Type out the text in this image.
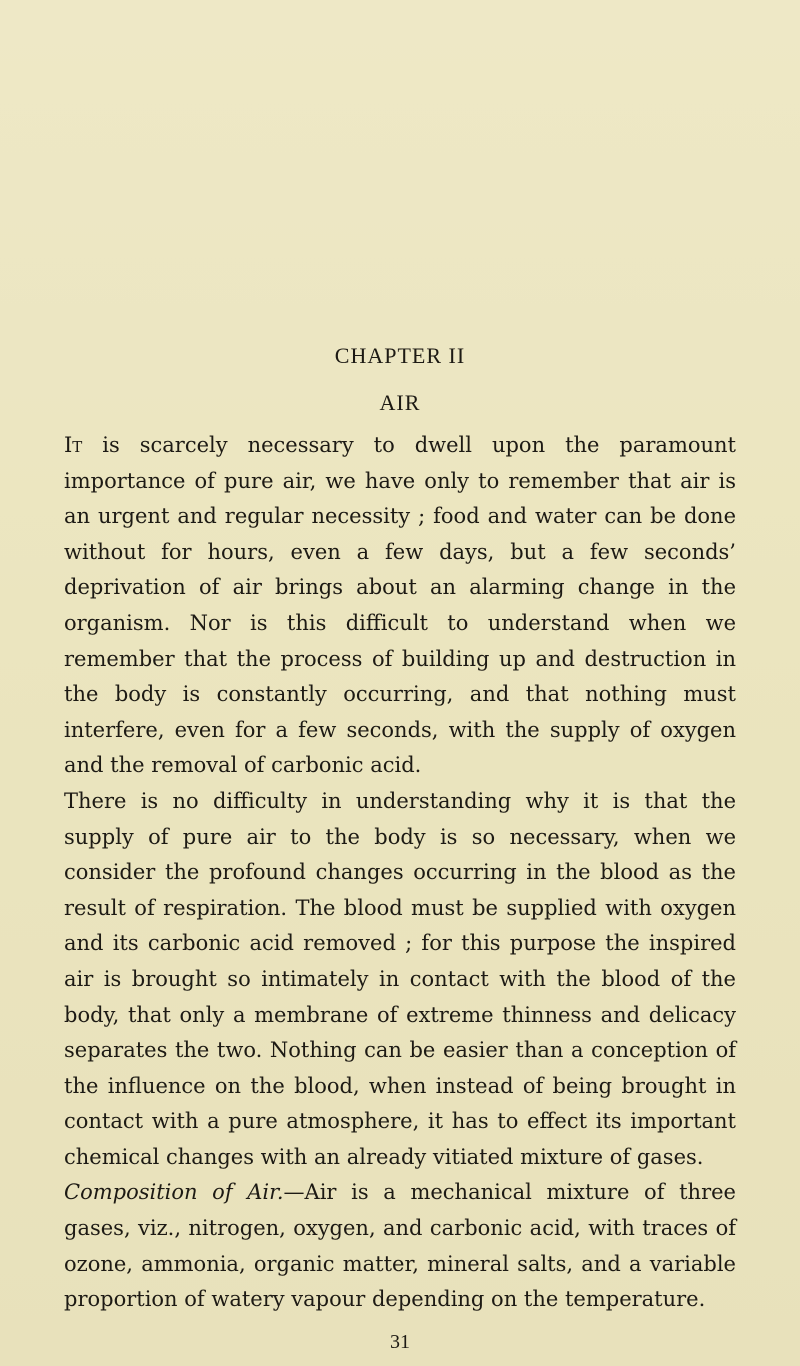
CHAPTER II
AIR

It is scarcely necessary to dwell upon the paramount importance of pure air, we have only to remember that air is an urgent and regular necessity ; food and water can be done without for hours, even a few days, but a few seconds’ deprivation of air brings about an alarming change in the organism. Nor is this difficult to understand when we remember that the process of building up and destruction in the body is constantly occurring, and that nothing must interfere, even for a few seconds, with the supply of oxygen and the removal of carbonic acid.

There is no difficulty in understanding why it is that the supply of pure air to the body is so necessary, when we consider the profound changes occurring in the blood as the result of respiration. The blood must be supplied with oxygen and its carbonic acid removed ; for this purpose the inspired air is brought so intimately in contact with the blood of the body, that only a membrane of extreme thinness and delicacy separates the two. Nothing can be easier than a conception of the influence on the blood, when instead of being brought in contact with a pure atmosphere, it has to effect its important chemical changes with an already vitiated mixture of gases.

Composition of Air.—Air is a mechanical mixture of three gases, viz., nitrogen, oxygen, and carbonic acid, with traces of ozone, ammonia, organic matter, mineral salts, and a variable proportion of watery vapour depending on the temperature.

31
